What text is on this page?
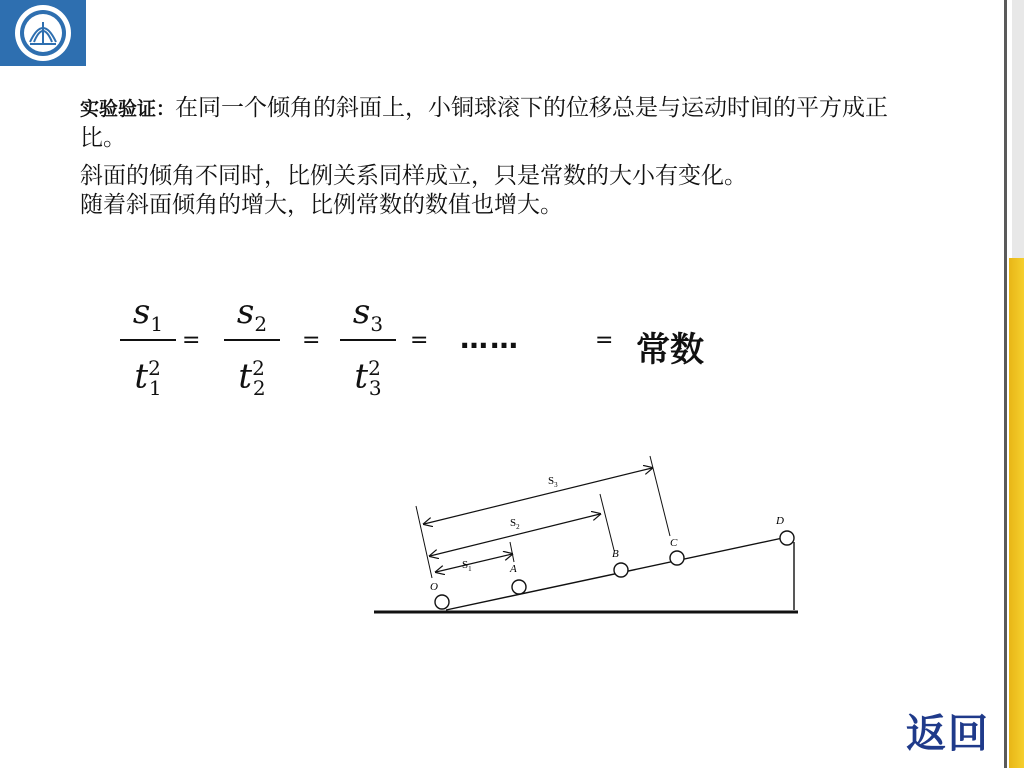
实验验证：在同一个倾角的斜面上，小铜球滚下的位移总是与运动时间的平方成正比。

斜面的倾角不同时，比例关系同样成立，只是常数的大小有变化。
随着斜面倾角的增大，比例常数的数值也增大。

$s_1$
$t^2_1$
=
$s_2$
$t^2_2$
=
$s_3$
$t^2_3$
= ……	= 常数
O
A
B
C
D
$S_1$
$S_2$
$S_3$
返回
